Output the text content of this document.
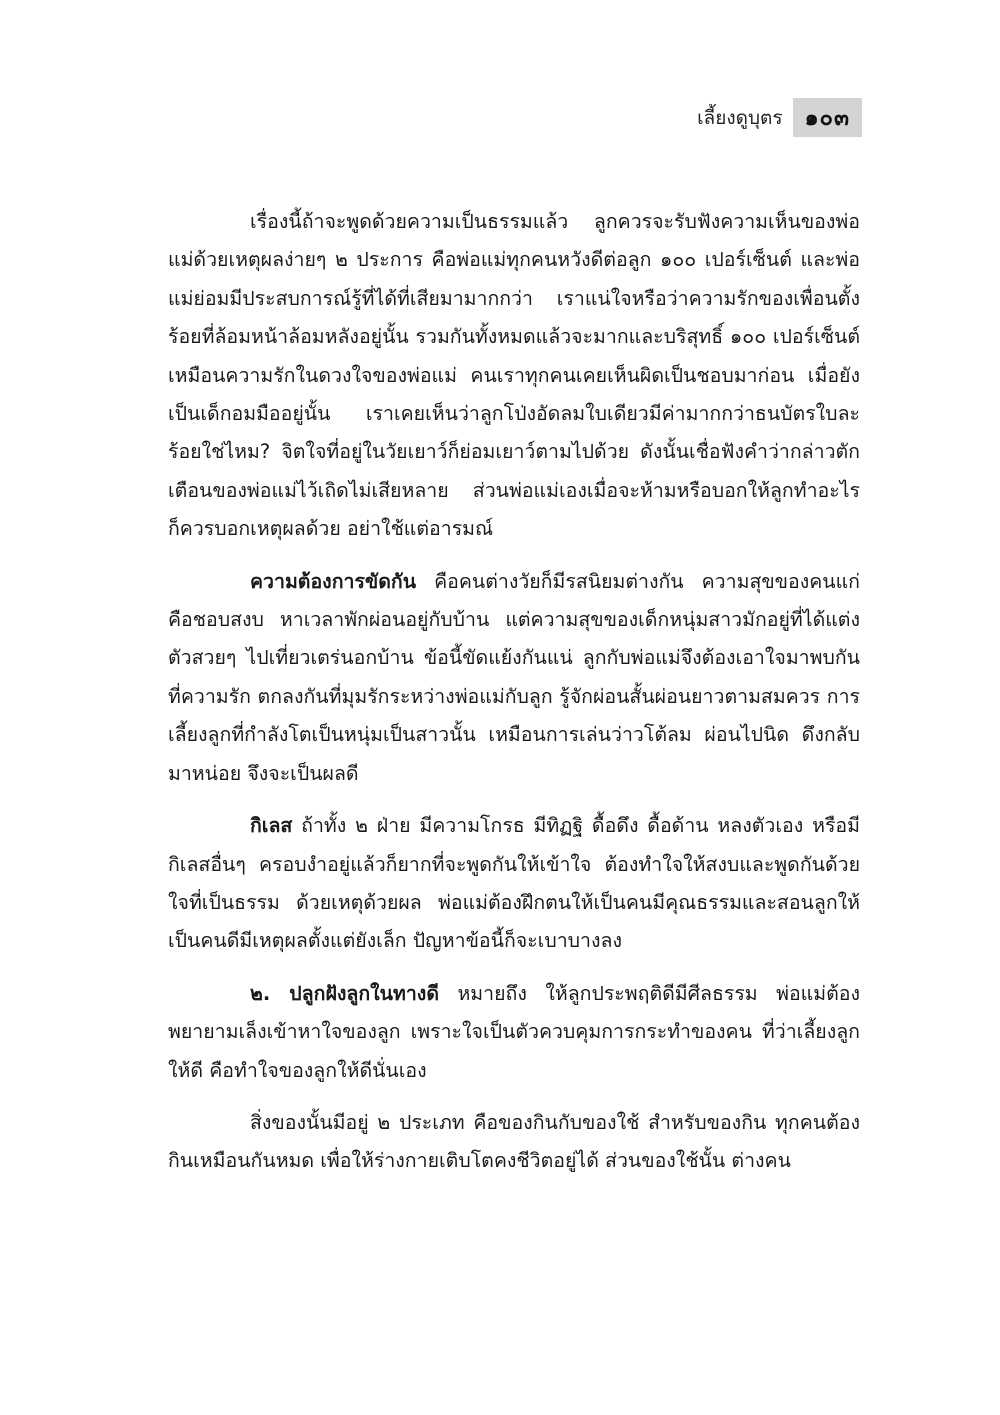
เลี้ยงดูบุตร	๑๐๓

เรื่องนี้ถ้าจะพูดด้วยความเป็นธรรมแล้ว ลูกควรจะรับฟังความเห็นของพ่อแม่ด้วยเหตุผลง่ายๆ ๒ ประการ คือพ่อแม่ทุกคนหวังดีต่อลูก ๑๐๐ เปอร์เซ็นต์ และพ่อแม่ย่อมมีประสบการณ์รู้ที่ได้ที่เสียมามากกว่า เราแน่ใจหรือว่าความรักของเพื่อนตั้งร้อยที่ล้อมหน้าล้อมหลังอยู่นั้น รวมกันทั้งหมดแล้วจะมากและบริสุทธิ์ ๑๐๐ เปอร์เซ็นต์ เหมือนความรักในดวงใจของพ่อแม่ คนเราทุกคนเคยเห็นผิดเป็นชอบมาก่อน เมื่อยังเป็นเด็กอมมืออยู่นั้น เราเคยเห็นว่าลูกโป่งอัดลมใบเดียวมีค่ามากกว่าธนบัตรใบละร้อยใช่ไหม? จิตใจที่อยู่ในวัยเยาว์ก็ย่อมเยาว์ตามไปด้วย ดังนั้นเชื่อฟังคำว่ากล่าวตักเตือนของพ่อแม่ไว้เถิดไม่เสียหลาย ส่วนพ่อแม่เองเมื่อจะห้ามหรือบอกให้ลูกทำอะไร ก็ควรบอกเหตุผลด้วย อย่าใช้แต่อารมณ์

ความต้องการขัดกัน คือคนต่างวัยก็มีรสนิยมต่างกัน ความสุขของคนแก่คือชอบสงบ หาเวลาพักผ่อนอยู่กับบ้าน แต่ความสุขของเด็กหนุ่มสาวมักอยู่ที่ได้แต่งตัวสวยๆ ไปเที่ยวเตร่นอกบ้าน ข้อนี้ขัดแย้งกันแน่ ลูกกับพ่อแม่จึงต้องเอาใจมาพบกันที่ความรัก ตกลงกันที่มุมรักระหว่างพ่อแม่กับลูก รู้จักผ่อนสั้นผ่อนยาวตามสมควร การเลี้ยงลูกที่กำลังโตเป็นหนุ่มเป็นสาวนั้น เหมือนการเล่นว่าวโต้ลม ผ่อนไปนิด ดึงกลับมาหน่อย จึงจะเป็นผลดี

กิเลส ถ้าทั้ง ๒ ฝ่าย มีความโกรธ มีทิฏฐิ ดื้อดึง ดื้อด้าน หลงตัวเอง หรือมีกิเลสอื่นๆ ครอบงำอยู่แล้วก็ยากที่จะพูดกันให้เข้าใจ ต้องทำใจให้สงบและพูดกันด้วยใจที่เป็นธรรม ด้วยเหตุด้วยผล พ่อแม่ต้องฝึกตนให้เป็นคนมีคุณธรรมและสอนลูกให้เป็นคนดีมีเหตุผลตั้งแต่ยังเล็ก ปัญหาข้อนี้ก็จะเบาบางลง

๒. ปลูกฝังลูกในทางดี หมายถึง ให้ลูกประพฤติดีมีศีลธรรม พ่อแม่ต้องพยายามเล็งเข้าหาใจของลูก เพราะใจเป็นตัวควบคุมการกระทำของคน ที่ว่าเลี้ยงลูกให้ดี คือทำใจของลูกให้ดีนั่นเอง

สิ่งของนั้นมีอยู่ ๒ ประเภท คือของกินกับของใช้ สำหรับของกิน ทุกคนต้องกินเหมือนกันหมด เพื่อให้ร่างกายเติบโตคงชีวิตอยู่ได้ ส่วนของใช้นั้น ต่างคน
